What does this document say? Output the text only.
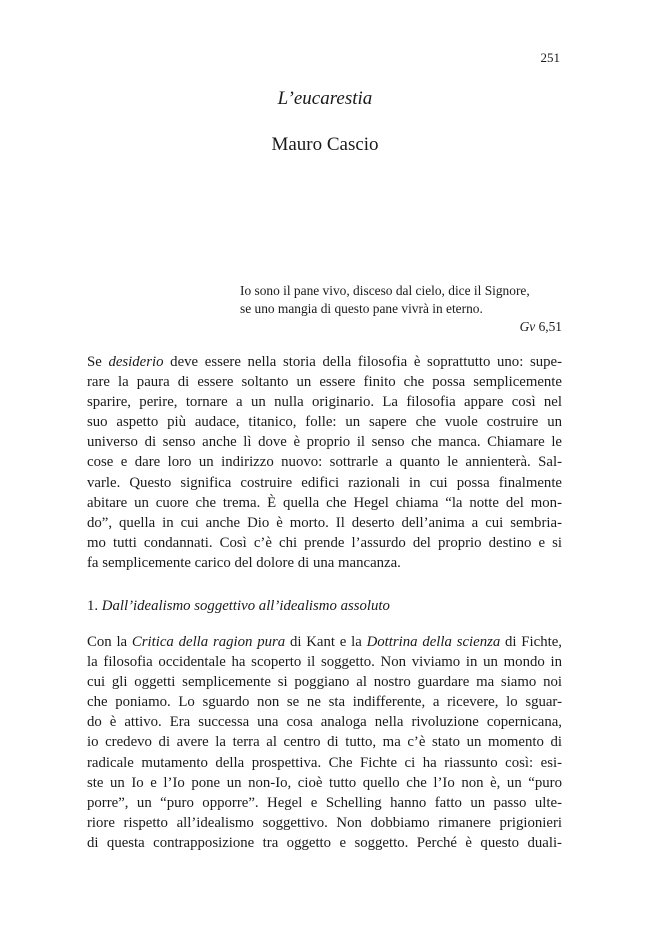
251
L’eucarestia
Mauro Cascio
Io sono il pane vivo, disceso dal cielo, dice il Signore,
se uno mangia di questo pane vivrà in eterno.
Gv 6,51
Se desiderio deve essere nella storia della filosofia è soprattutto uno: supe-
rare la paura di essere soltanto un essere finito che possa semplicemente
sparire, perire, tornare a un nulla originario. La filosofia appare così nel
suo aspetto più audace, titanico, folle: un sapere che vuole costruire un
universo di senso anche lì dove è proprio il senso che manca. Chiamare le
cose e dare loro un indirizzo nuovo: sottrarle a quanto le annienterà. Sal-
varle. Questo significa costruire edifici razionali in cui possa finalmente
abitare un cuore che trema. È quella che Hegel chiama “la notte del mon-
do”, quella in cui anche Dio è morto. Il deserto dell’anima a cui sembria-
mo tutti condannati. Così c’è chi prende l’assurdo del proprio destino e si
fa semplicemente carico del dolore di una mancanza.
1. Dall’idealismo soggettivo all’idealismo assoluto
Con la Critica della ragion pura di Kant e la Dottrina della scienza di Fichte,
la filosofia occidentale ha scoperto il soggetto. Non viviamo in un mondo in
cui gli oggetti semplicemente si poggiano al nostro guardare ma siamo noi
che poniamo. Lo sguardo non se ne sta indifferente, a ricevere, lo sguar-
do è attivo. Era successa una cosa analoga nella rivoluzione copernicana,
io credevo di avere la terra al centro di tutto, ma c’è stato un momento di
radicale mutamento della prospettiva. Che Fichte ci ha riassunto così: esi-
ste un Io e l’Io pone un non-Io, cioè tutto quello che l’Io non è, un “puro
porre”, un “puro opporre”. Hegel e Schelling hanno fatto un passo ulte-
riore rispetto all’idealismo soggettivo. Non dobbiamo rimanere prigionieri
di questa contrapposizione tra oggetto e soggetto. Perché è questo duali-
